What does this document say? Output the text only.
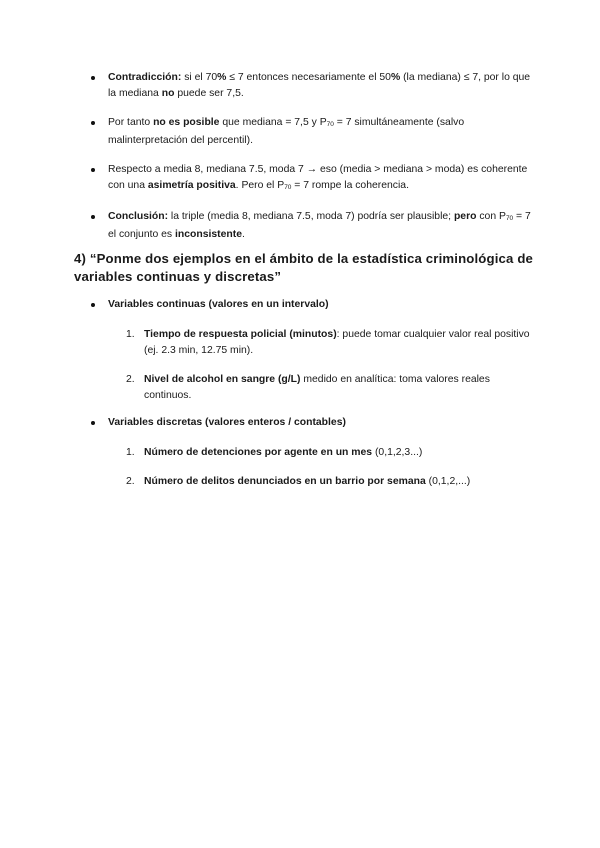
Contradicción: si el 70% ≤ 7 entonces necesariamente el 50% (la mediana) ≤ 7, por lo que la mediana no puede ser 7,5.
Por tanto no es posible que mediana = 7,5 y P70 = 7 simultáneamente (salvo malinterpretación del percentil).
Respecto a media 8, mediana 7.5, moda 7 → eso (media > mediana > moda) es coherente con una asimetría positiva. Pero el P70 = 7 rompe la coherencia.
Conclusión: la triple (media 8, mediana 7.5, moda 7) podría ser plausible; pero con P70 = 7 el conjunto es inconsistente.
4) “Ponme dos ejemplos en el ámbito de la estadística criminológica de variables continuas y discretas”
Variables continuas (valores en un intervalo)
1. Tiempo de respuesta policial (minutos): puede tomar cualquier valor real positivo (ej. 2.3 min, 12.75 min).
2. Nivel de alcohol en sangre (g/L) medido en analítica: toma valores reales continuos.
Variables discretas (valores enteros / contables)
1. Número de detenciones por agente en un mes (0,1,2,3...)
2. Número de delitos denunciados en un barrio por semana (0,1,2,...)
